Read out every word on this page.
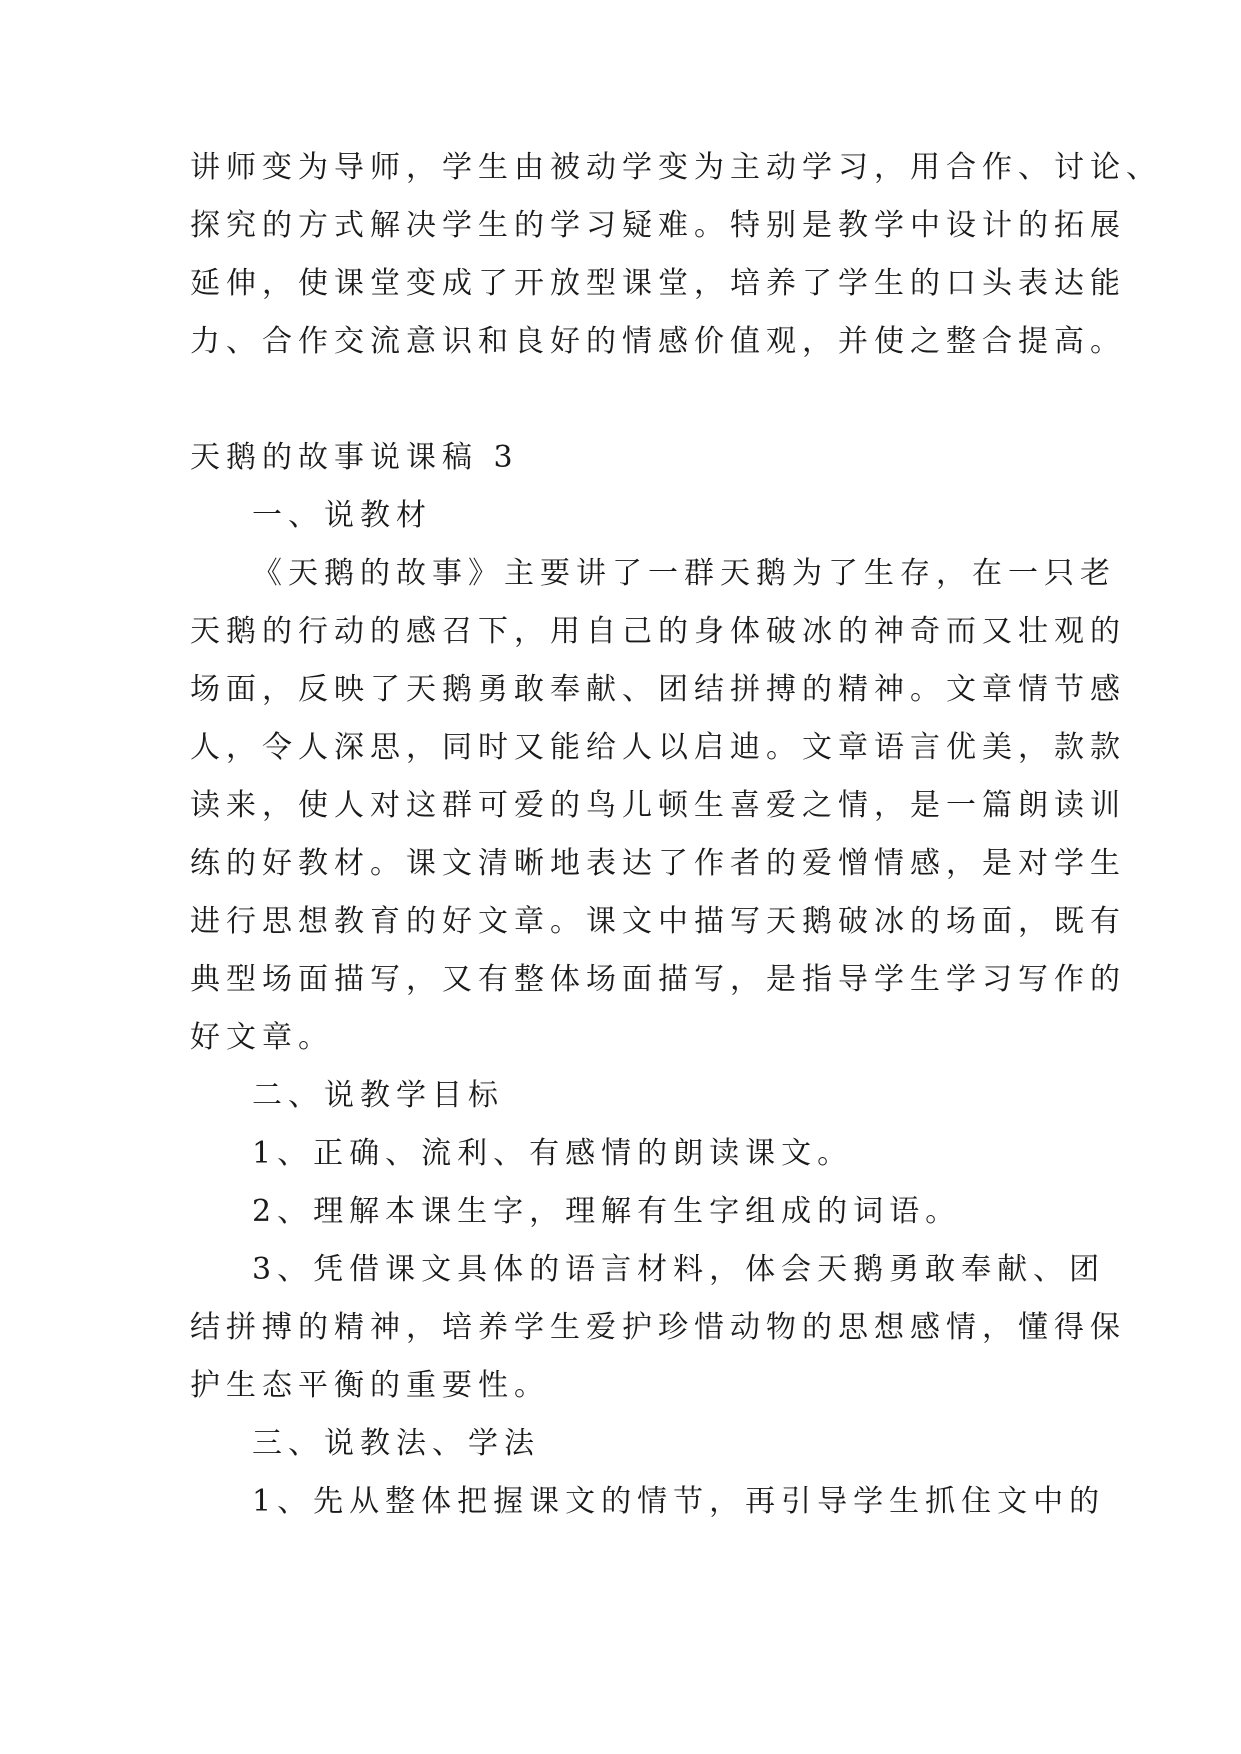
讲师变为导师，学生由被动学变为主动学习，用合作、讨论、
探究的方式解决学生的学习疑难。特别是教学中设计的拓展
延伸，使课堂变成了开放型课堂，培养了学生的口头表达能
力、合作交流意识和良好的情感价值观，并使之整合提高。
天鹅的故事说课稿 3
一、说教材
《天鹅的故事》主要讲了一群天鹅为了生存，在一只老
天鹅的行动的感召下，用自己的身体破冰的神奇而又壮观的
场面，反映了天鹅勇敢奉献、团结拼搏的精神。文章情节感
人，令人深思，同时又能给人以启迪。文章语言优美，款款
读来，使人对这群可爱的鸟儿顿生喜爱之情，是一篇朗读训
练的好教材。课文清晰地表达了作者的爱憎情感，是对学生
进行思想教育的好文章。课文中描写天鹅破冰的场面，既有
典型场面描写，又有整体场面描写，是指导学生学习写作的
好文章。
二、说教学目标
1、正确、流利、有感情的朗读课文。
2、理解本课生字，理解有生字组成的词语。
3、凭借课文具体的语言材料，体会天鹅勇敢奉献、团
结拼搏的精神，培养学生爱护珍惜动物的思想感情，懂得保
护生态平衡的重要性。
三、说教法、学法
1、先从整体把握课文的情节，再引导学生抓住文中的
